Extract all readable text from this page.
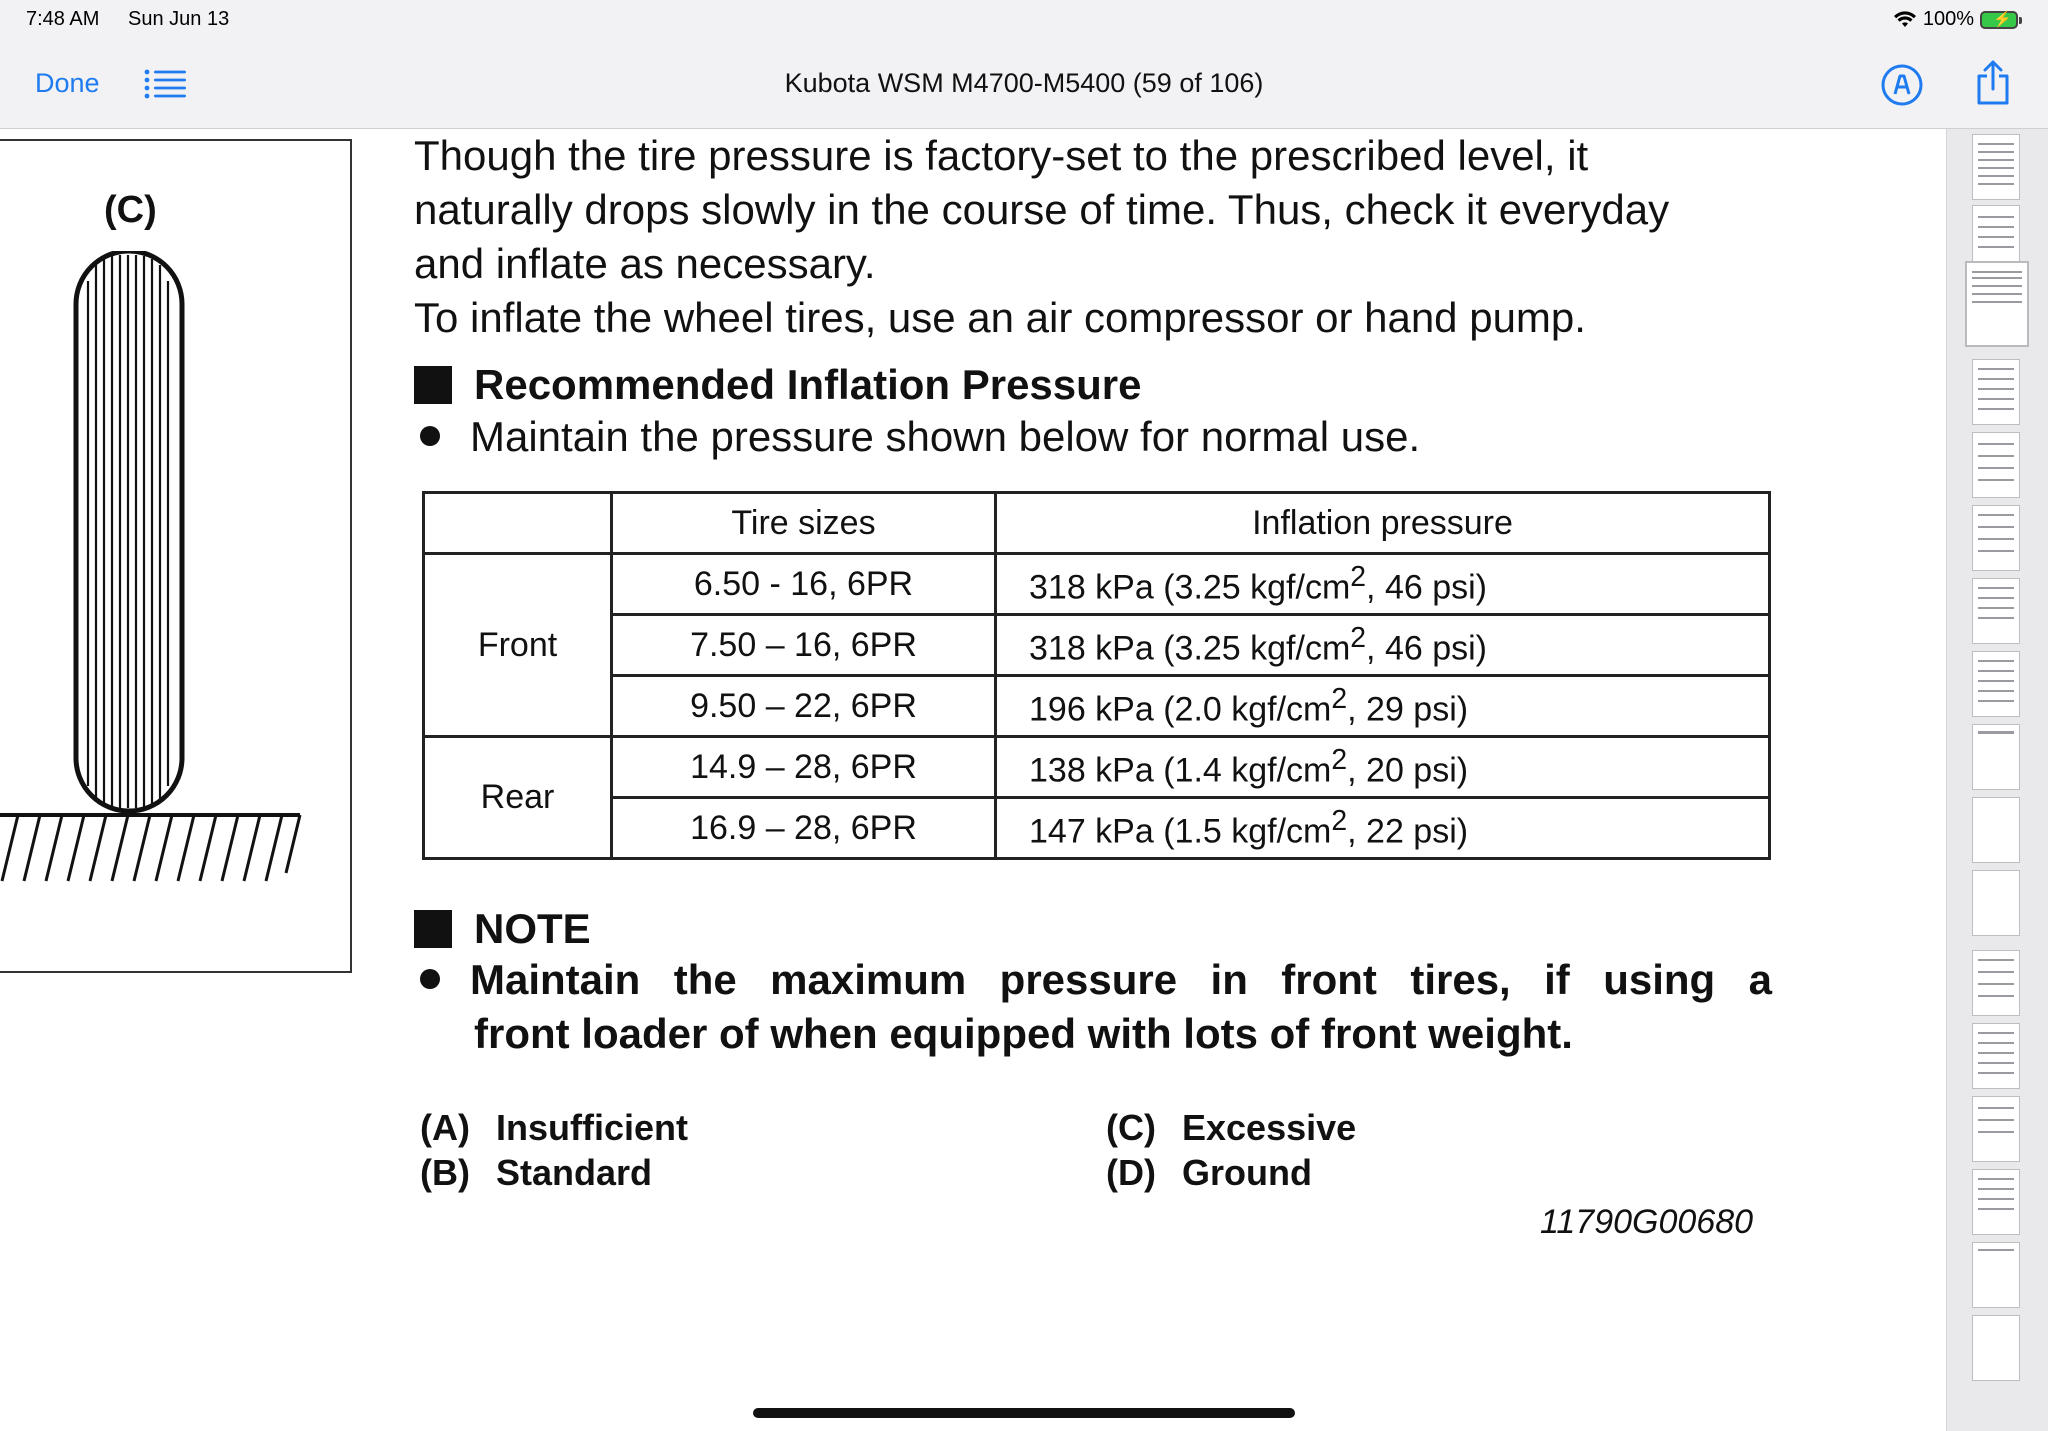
7:48 AM Sun Jun 13	100% ⚡
Done	Kubota WSM M4700-M5400 (59 of 106)
(C)
Though the tire pressure is factory-set to the prescribed level, it
naturally drops slowly in the course of time. Thus, check it everyday
and inflate as necessary.
To inflate the wheel tires, use an air compressor or hand pump.
Recommended Inflation Pressure
Maintain the pressure shown below for normal use.
	Tire sizes	Inflation pressure
Front	6.50 - 16, 6PR	318 kPa (3.25 kgf/$cm^2$, 46 psi)
	7.50 – 16, 6PR	318 kPa (3.25 kgf/$cm^2$, 46 psi)
	9.50 – 22, 6PR	196 kPa (2.0 kgf/$cm^2$, 29 psi)
Rear	14.9 – 28, 6PR	138 kPa (1.4 kgf/$cm^2$, 20 psi)
	16.9 – 28, 6PR	147 kPa (1.5 kgf/$cm^2$, 22 psi)
NOTE
Maintain the maximum pressure in front tires, if using a
front loader of when equipped with lots of front weight.
(A) Insufficient
(B) Standard
(C) Excessive
(D) Ground
11790G00680
